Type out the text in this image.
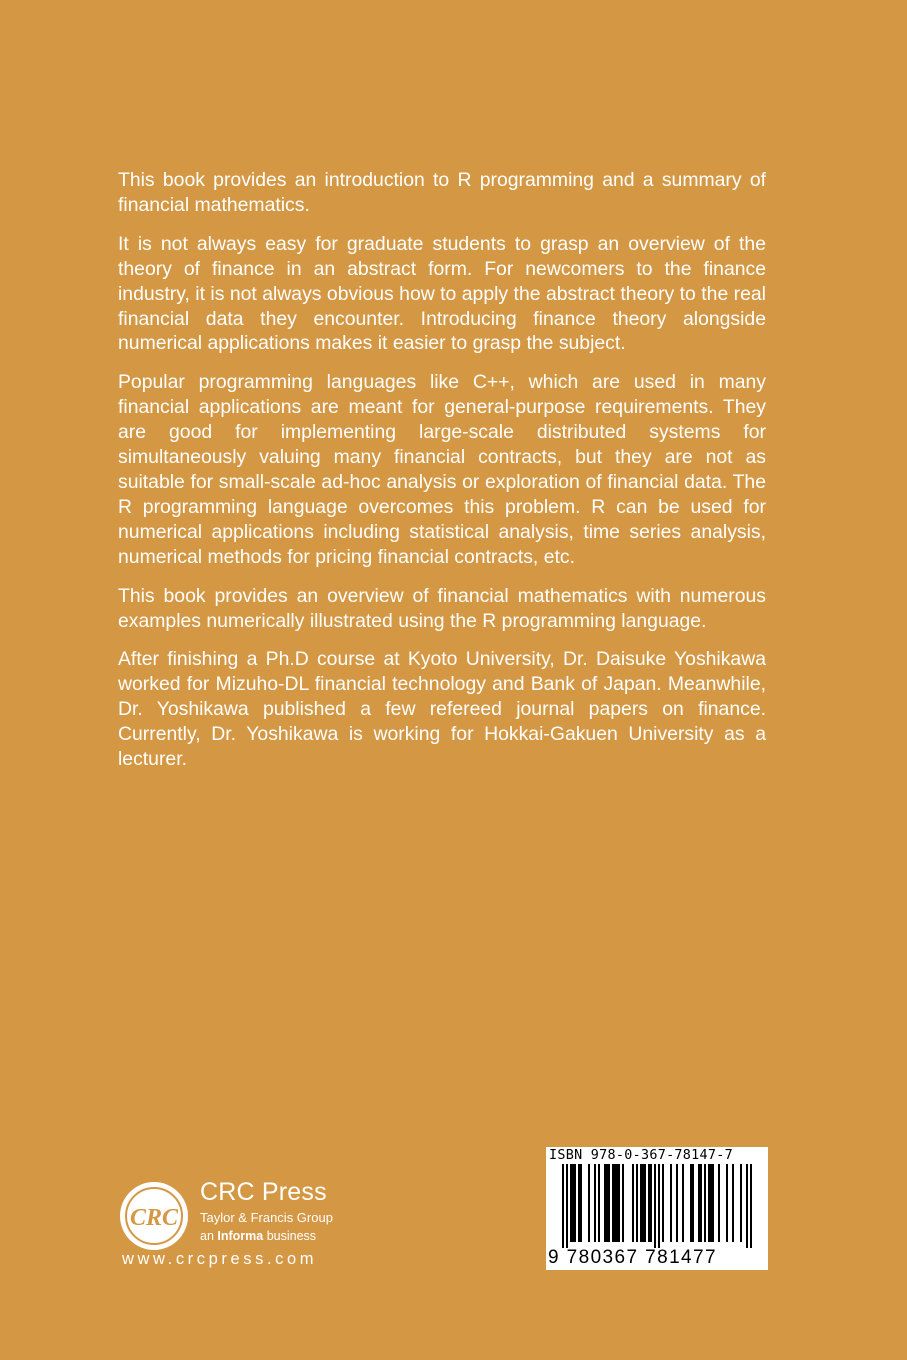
This book provides an introduction to R programming and a summary of financial mathematics.

It is not always easy for graduate students to grasp an overview of the theory of finance in an abstract form. For newcomers to the finance industry, it is not always obvious how to apply the abstract theory to the real financial data they encounter. Introducing finance theory alongside numerical applications makes it easier to grasp the subject.

Popular programming languages like C++, which are used in many financial applications are meant for general-purpose requirements. They are good for implementing large-scale distributed systems for simultaneously valuing many financial contracts, but they are not as suitable for small-scale ad-hoc analysis or exploration of financial data. The R programming language overcomes this problem. R can be used for numerical applications including statistical analysis, time series analysis, numerical methods for pricing financial contracts, etc.

This book provides an overview of financial mathematics with numerous examples numerically illustrated using the R programming language.

After finishing a Ph.D course at Kyoto University, Dr. Daisuke Yoshikawa worked for Mizuho-DL financial technology and Bank of Japan. Meanwhile, Dr. Yoshikawa published a few refereed journal papers on finance. Currently, Dr. Yoshikawa is working for Hokkai-Gakuen University as a lecturer.

CRC
CRC Press
Taylor & Francis Group
an Informa business
www.crcpress.com
ISBN 978-0-367-78147-7
9 780367 781477
